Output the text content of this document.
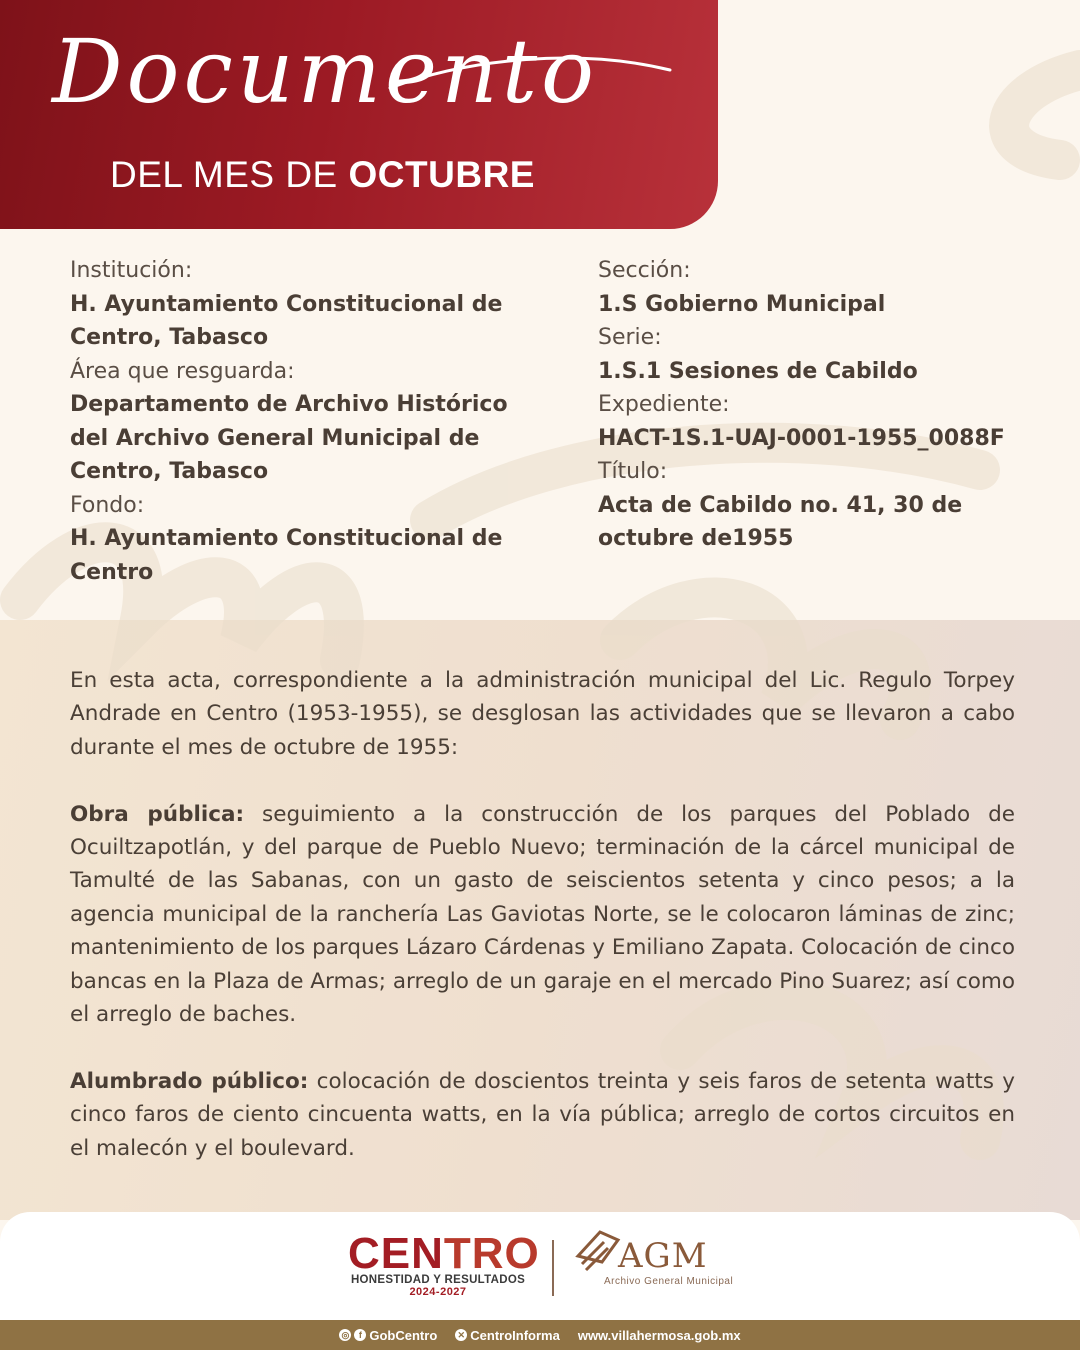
Documento
DEL MES DE OCTUBRE
Institución:
H. Ayuntamiento Constitucional de
Centro, Tabasco
Área que resguarda:
Departamento de Archivo Histórico
del Archivo General Municipal de
Centro, Tabasco
Fondo:
H. Ayuntamiento Constitucional de
Centro
Sección:
1.S Gobierno Municipal
Serie:
1.S.1 Sesiones de Cabildo
Expediente:
HACT-1S.1-UAJ-0001-1955_0088F
Título:
Acta de Cabildo no. 41, 30 de
octubre de1955

En esta acta, correspondiente a la administración municipal del Lic. Regulo Torpey Andrade en Centro (1953-1955), se desglosan las actividades que se llevaron a cabo durante el mes de octubre de 1955:

Obra pública: seguimiento a la construcción de los parques del Poblado de Ocuiltzapotlán, y del parque de Pueblo Nuevo; terminación de la cárcel municipal de Tamulté de las Sabanas, con un gasto de seiscientos setenta y cinco pesos; a la agencia municipal de la ranchería Las Gaviotas Norte, se le colocaron láminas de zinc; mantenimiento de los parques Lázaro Cárdenas y Emiliano Zapata. Colocación de cinco bancas en la Plaza de Armas; arreglo de un garaje en el mercado Pino Suarez; así como el arreglo de baches.

Alumbrado público: colocación de doscientos treinta y seis faros de setenta watts y cinco faros de ciento cincuenta watts, en la vía pública; arreglo de cortos circuitos en el malecón y el boulevard.

CENTRO
HONESTIDAD Y RESULTADOS
2024-2027
AGM
Archivo General Municipal
◎	f GobCentro ✕ CentroInforma www.villahermosa.gob.mx
